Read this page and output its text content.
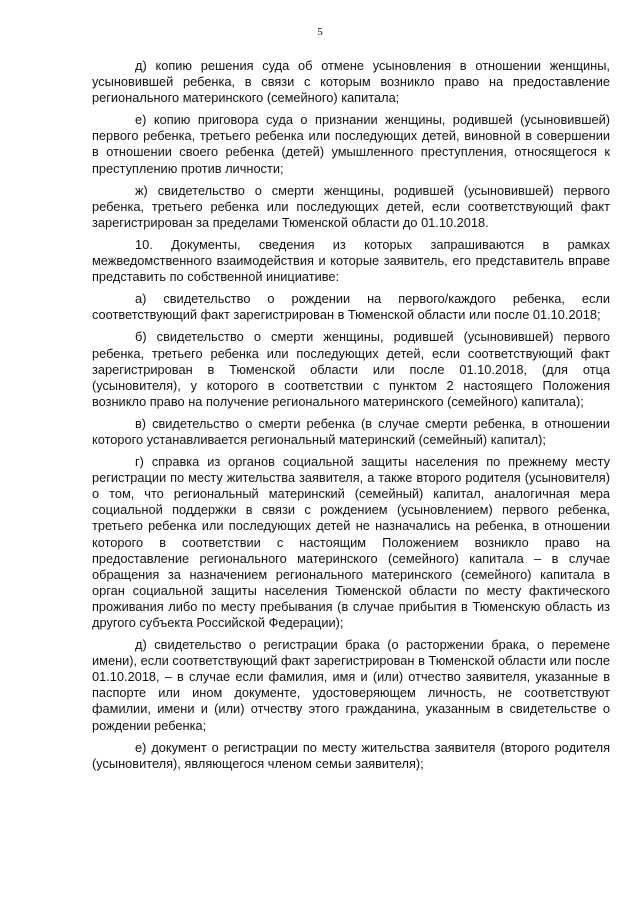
5

д) копию решения суда об отмене усыновления в отношении женщины, усыновившей ребенка, в связи с которым возникло право на предоставление регионального материнского (семейного) капитала;

е) копию приговора суда о признании женщины, родившей (усыновившей) первого ребенка, третьего ребенка или последующих детей, виновной в совершении в отношении своего ребенка (детей) умышленного преступления, относящегося к преступлению против личности;

ж) свидетельство о смерти женщины, родившей (усыновившей) первого ребенка, третьего ребенка или последующих детей, если соответствующий факт зарегистрирован за пределами Тюменской области до 01.10.2018.

10. Документы, сведения из которых запрашиваются в рамках межведомственного взаимодействия и которые заявитель, его представитель вправе представить по собственной инициативе:

а) свидетельство о рождении на первого/каждого ребенка, если соответствующий факт зарегистрирован в Тюменской области или после 01.10.2018;

б) свидетельство о смерти женщины, родившей (усыновившей) первого ребенка, третьего ребенка или последующих детей, если соответствующий факт зарегистрирован в Тюменской области или после 01.10.2018, (для отца (усыновителя), у которого в соответствии с пунктом 2 настоящего Положения возникло право на получение регионального материнского (семейного) капитала);

в) свидетельство о смерти ребенка (в случае смерти ребенка, в отношении которого устанавливается региональный материнский (семейный) капитал);

г) справка из органов социальной защиты населения по прежнему месту регистрации по месту жительства заявителя, а также второго родителя (усыновителя) о том, что региональный материнский (семейный) капитал, аналогичная мера социальной поддержки в связи с рождением (усыновлением) первого ребенка, третьего ребенка или последующих детей не назначались на ребенка, в отношении которого в соответствии с настоящим Положением возникло право на предоставление регионального материнского (семейного) капитала – в случае обращения за назначением регионального материнского (семейного) капитала в орган социальной защиты населения Тюменской области по месту фактического проживания либо по месту пребывания (в случае прибытия в Тюменскую область из другого субъекта Российской Федерации);

д) свидетельство о регистрации брака (о расторжении брака, о перемене имени), если соответствующий факт зарегистрирован в Тюменской области или после 01.10.2018, – в случае если фамилия, имя и (или) отчество заявителя, указанные в паспорте или ином документе, удостоверяющем личность, не соответствуют фамилии, имени и (или) отчеству этого гражданина, указанным в свидетельстве о рождении ребенка;

е) документ о регистрации по месту жительства заявителя (второго родителя (усыновителя), являющегося членом семьи заявителя);
